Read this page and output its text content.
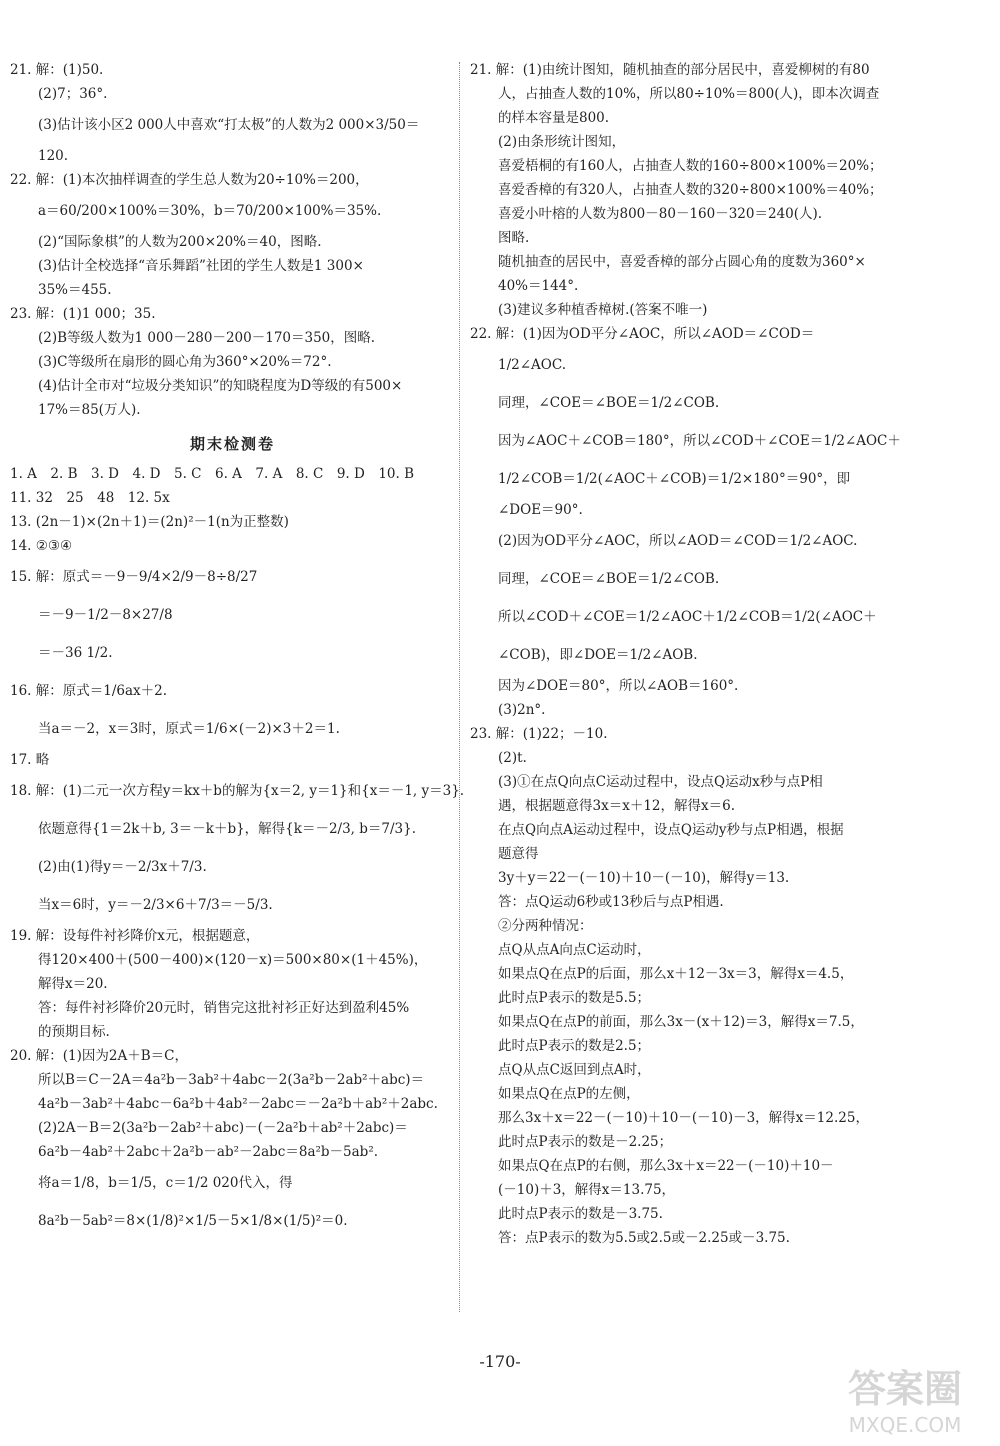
21. 解：(1)50.
(2)7；36°.
(3)估计该小区2 000人中喜欢“打太极”的人数为2 000×3/50＝
120.
22. 解：(1)本次抽样调查的学生总人数为20÷10%＝200，
a＝60/200×100%＝30%，b＝70/200×100%＝35%.
(2)“国际象棋”的人数为200×20%＝40，图略.
(3)估计全校选择“音乐舞蹈”社团的学生人数是1 300×
35%＝455.
23. 解：(1)1 000；35.
(2)B等级人数为1 000－280－200－170＝350，图略.
(3)C等级所在扇形的圆心角为360°×20%＝72°.
(4)估计全市对“垃圾分类知识”的知晓程度为D等级的有500×
17%＝85(万人).
期末检测卷
1. A　2. B　3. D　4. D　5. C　6. A　7. A　8. C　9. D　10. B
11. 32　25　48　12. 5x
13. (2n－1)×(2n＋1)＝(2n)²－1(n为正整数)
14. ②③④
15. 解：原式＝－9－9/4×2/9－8÷8/27
＝－9－1/2－8×27/8
＝－36 1/2.
16. 解：原式＝1/6ax＋2.
当a＝－2，x＝3时，原式＝1/6×(－2)×3＋2＝1.
17. 略
18. 解：(1)二元一次方程y＝kx＋b的解为{x＝2, y＝1}和{x＝－1, y＝3}.
依题意得{1＝2k＋b, 3＝－k＋b}，解得{k＝－2/3, b＝7/3}.
(2)由(1)得y＝－2/3x＋7/3.
当x＝6时，y＝－2/3×6＋7/3＝－5/3.
19. 解：设每件衬衫降价x元，根据题意，
得120×400＋(500－400)×(120－x)＝500×80×(1＋45%)，
解得x＝20.
答：每件衬衫降价20元时，销售完这批衬衫正好达到盈利45%
的预期目标.
20. 解：(1)因为2A＋B＝C，
所以B＝C－2A＝4a²b－3ab²＋4abc－2(3a²b－2ab²＋abc)＝
4a²b－3ab²＋4abc－6a²b＋4ab²－2abc＝－2a²b＋ab²＋2abc.
(2)2A－B＝2(3a²b－2ab²＋abc)－(－2a²b＋ab²＋2abc)＝
6a²b－4ab²＋2abc＋2a²b－ab²－2abc＝8a²b－5ab².
将a＝1/8，b＝1/5，c＝1/2 020代入，得
8a²b－5ab²＝8×(1/8)²×1/5－5×1/8×(1/5)²＝0.
21. 解：(1)由统计图知，随机抽查的部分居民中，喜爱柳树的有80
人，占抽查人数的10%，所以80÷10%＝800(人)，即本次调查
的样本容量是800.
(2)由条形统计图知，
喜爱梧桐的有160人，占抽查人数的160÷800×100%＝20%；
喜爱香樟的有320人，占抽查人数的320÷800×100%＝40%；
喜爱小叶榕的人数为800－80－160－320＝240(人).
图略.
随机抽查的居民中，喜爱香樟的部分占圆心角的度数为360°×
40%＝144°.
(3)建议多种植香樟树.(答案不唯一)
22. 解：(1)因为OD平分∠AOC，所以∠AOD＝∠COD＝
1/2∠AOC.
同理，∠COE＝∠BOE＝1/2∠COB.
因为∠AOC＋∠COB＝180°，所以∠COD＋∠COE＝1/2∠AOC＋
1/2∠COB＝1/2(∠AOC＋∠COB)＝1/2×180°＝90°，即
∠DOE＝90°.
(2)因为OD平分∠AOC，所以∠AOD＝∠COD＝1/2∠AOC.
同理，∠COE＝∠BOE＝1/2∠COB.
所以∠COD＋∠COE＝1/2∠AOC＋1/2∠COB＝1/2(∠AOC＋
∠COB)，即∠DOE＝1/2∠AOB.
因为∠DOE＝80°，所以∠AOB＝160°.
(3)2n°.
23. 解：(1)22；－10.
(2)t.
(3)①在点Q向点C运动过程中，设点Q运动x秒与点P相
遇，根据题意得3x＝x＋12，解得x＝6.
在点Q向点A运动过程中，设点Q运动y秒与点P相遇，根据
题意得
3y＋y＝22－(－10)＋10－(－10)，解得y＝13.
答：点Q运动6秒或13秒后与点P相遇.
②分两种情况：
点Q从点A向点C运动时，
如果点Q在点P的后面，那么x＋12－3x＝3，解得x＝4.5，
此时点P表示的数是5.5；
如果点Q在点P的前面，那么3x－(x＋12)＝3，解得x＝7.5，
此时点P表示的数是2.5；
点Q从点C返回到点A时，
如果点Q在点P的左侧，
那么3x＋x＝22－(－10)＋10－(－10)－3，解得x＝12.25，
此时点P表示的数是－2.25；
如果点Q在点P的右侧，那么3x＋x＝22－(－10)＋10－
(－10)＋3，解得x＝13.75，
此时点P表示的数是－3.75.
答：点P表示的数为5.5或2.5或－2.25或－3.75.
-170-
答案圈
MXQE.COM
